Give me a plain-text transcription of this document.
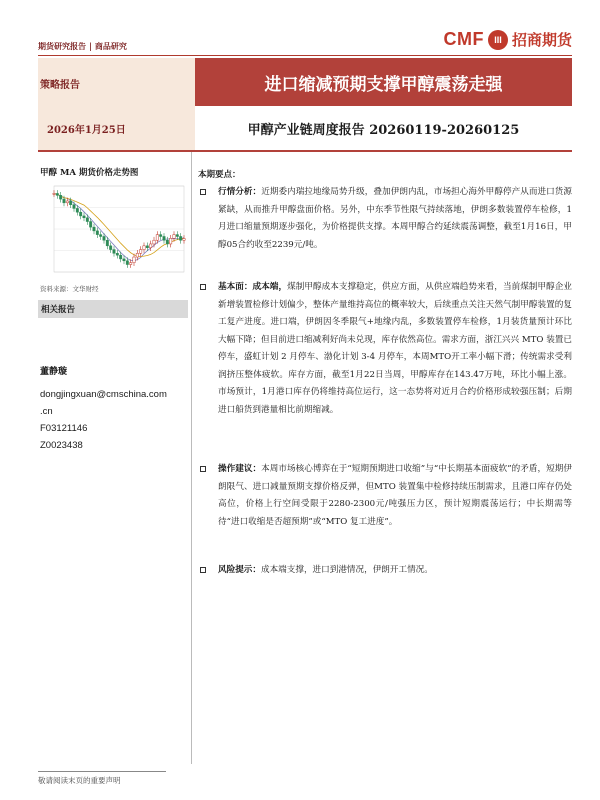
期货研究报告 | 商品研究	CMF	III 招商期货
策略报告	进口缩减预期支撑甲醇震荡走强
2026年1月25日	甲醇产业链周度报告 20260119-20260125
甲醇 MA 期货价格走势图
资料来源：文华财经
相关报告
董静璇
dongjingxuan@cmschina.com
.cn
F03121146
Z0023438
本期要点：
行情分析：近期委内瑞拉地缘局势升级，叠加伊朗内乱，市场担心海外甲醇停产从而进口货源紧缺，从而推升甲醇盘面价格。另外，中东季节性限气持续落地，伊朗多数装置停车检修，1月进口缩量预期逐步强化，为价格提供支撑。本周甲醇合约延续震荡调整，截至1月16日，甲醇05合约收至2239元/吨。
基本面：成本端，煤制甲醇成本支撑稳定，供应方面，从供应端趋势来看，当前煤制甲醇企业新增装置检修计划偏少，整体产量维持高位的概率较大，后续重点关注天然气制甲醇装置的复工复产进度。进口端，伊朗因冬季限气+地缘内乱，多数装置停车检修，1月装货量预计环比大幅下降；但目前进口缩减利好尚未兑现，库存依然高位。需求方面，浙江兴兴 MTO 装置已停车，盛虹计划 2 月停车、渤化计划 3-4 月停车，本周MTO开工率小幅下滑；传统需求受利润挤压整体疲软。库存方面，截至1月22日当周，甲醇库存在143.47万吨，环比小幅上涨。市场预计，1月港口库存仍将维持高位运行，这一态势将对近月合约价格形成较强压制；后期进口船货到港量相比前期缩减。
操作建议：本周市场核心博弈在于“短期预期进口收缩”与“中长期基本面疲软”的矛盾，短期伊朗限气、进口减量预期支撑价格反弹，但MTO 装置集中检修持续压制需求，且港口库存仍处高位，价格上行空间受限于2280-2300元/吨强压力区，预计短期震荡运行；中长期需等待“进口收缩是否超预期”或“MTO 复工进度”。
风险提示：成本端支撑，进口到港情况，伊朗开工情况。
敬请阅读末页的重要声明
